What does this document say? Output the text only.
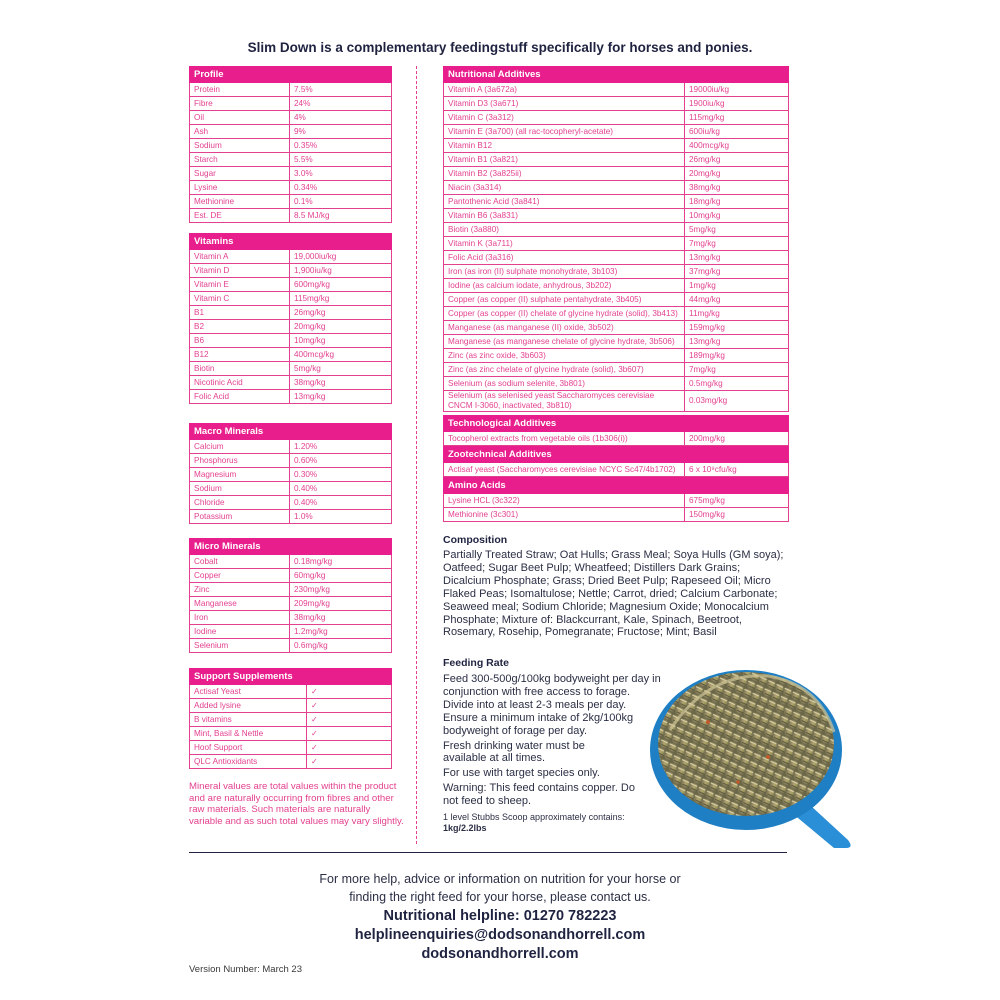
Slim Down is a complementary feedingstuff specifically for horses and ponies.
Profile	
Protein	7.5%
Fibre	24%
Oil	4%
Ash	9%
Sodium	0.35%
Starch	5.5%
Sugar	3.0%
Lysine	0.34%
Methionine	0.1%
Est. DE	8.5 MJ/kg
Vitamins	
Vitamin A	19,000iu/kg
Vitamin D	1,900iu/kg
Vitamin E	600mg/kg
Vitamin C	115mg/kg
B1	26mg/kg
B2	20mg/kg
B6	10mg/kg
B12	400mcg/kg
Biotin	5mg/kg
Nicotinic Acid	38mg/kg
Folic Acid	13mg/kg
Macro Minerals	
Calcium	1.20%
Phosphorus	0.60%
Magnesium	0.30%
Sodium	0.40%
Chloride	0.40%
Potassium	1.0%
Micro Minerals	
Cobalt	0.18mg/kg
Copper	60mg/kg
Zinc	230mg/kg
Manganese	209mg/kg
Iron	38mg/kg
Iodine	1.2mg/kg
Selenium	0.6mg/kg
Support Supplements	
Actisaf Yeast	✓
Added lysine	✓
B vitamins	✓
Mint, Basil & Nettle	✓
Hoof Support	✓
QLC Antioxidants	✓
Mineral values are total values within the product and are naturally occurring from fibres and other raw materials. Such materials are naturally variable and as such total values may vary slightly.
Nutritional Additives	
Vitamin A (3a672a)	19000iu/kg
Vitamin D3 (3a671)	1900iu/kg
Vitamin C (3a312)	115mg/kg
Vitamin E (3a700) (all rac-tocopheryl-acetate)	600iu/kg
Vitamin B12	400mcg/kg
Vitamin B1 (3a821)	26mg/kg
Vitamin B2 (3a825ii)	20mg/kg
Niacin (3a314)	38mg/kg
Pantothenic Acid (3a841)	18mg/kg
Vitamin B6 (3a831)	10mg/kg
Biotin (3a880)	5mg/kg
Vitamin K (3a711)	7mg/kg
Folic Acid (3a316)	13mg/kg
Iron (as iron (II) sulphate monohydrate, 3b103)	37mg/kg
Iodine (as calcium iodate, anhydrous, 3b202)	1mg/kg
Copper (as copper (II) sulphate pentahydrate, 3b405)	44mg/kg
Copper (as copper (II) chelate of glycine hydrate (solid), 3b413)	11mg/kg
Manganese (as manganese (II) oxide, 3b502)	159mg/kg
Manganese (as manganese chelate of glycine hydrate, 3b506)	13mg/kg
Zinc (as zinc oxide, 3b603)	189mg/kg
Zinc (as zinc chelate of glycine hydrate (solid), 3b607)	7mg/kg
Selenium (as sodium selenite, 3b801)	0.5mg/kg
Selenium (as selenised yeast Saccharomyces cerevisiae CNCM I-3060, inactivated, 3b810)	0.03mg/kg
Technological Additives
Tocopherol extracts from vegetable oils (1b306(i))	200mg/kg
Zootechnical Additives
Actisaf yeast (Saccharomyces cerevisiae NCYC Sc47/4b1702)	6 x 10⁹cfu/kg
Amino Acids	
Lysine HCL (3c322)	675mg/kg
Methionine (3c301)	150mg/kg
Composition
Partially Treated Straw; Oat Hulls; Grass Meal; Soya Hulls (GM soya); Oatfeed; Sugar Beet Pulp; Wheatfeed; Distillers Dark Grains; Dicalcium Phosphate; Grass; Dried Beet Pulp; Rapeseed Oil; Micro Flaked Peas; Isomaltulose; Nettle; Carrot, dried; Calcium Carbonate; Seaweed meal; Sodium Chloride; Magnesium Oxide; Monocalcium Phosphate; Mixture of: Blackcurrant, Kale, Spinach, Beetroot, Rosemary, Rosehip, Pomegranate; Fructose; Mint; Basil
Feeding Rate
Feed 300-500g/100kg bodyweight per day in conjunction with free access to forage. Divide into at least 2-3 meals per day. Ensure a minimum intake of 2kg/100kg bodyweight of forage per day.
Fresh drinking water must be available at all times.
For use with target species only.
Warning: This feed contains copper. Do not feed to sheep.
1 level Stubbs Scoop approximately contains:
1kg/2.2lbs
For more help, advice or information on nutrition for your horse or
finding the right feed for your horse, please contact us.
Nutritional helpline: 01270 782223
helplineenquiries@dodsonandhorrell.com
dodsonandhorrell.com
Version Number: March 23
